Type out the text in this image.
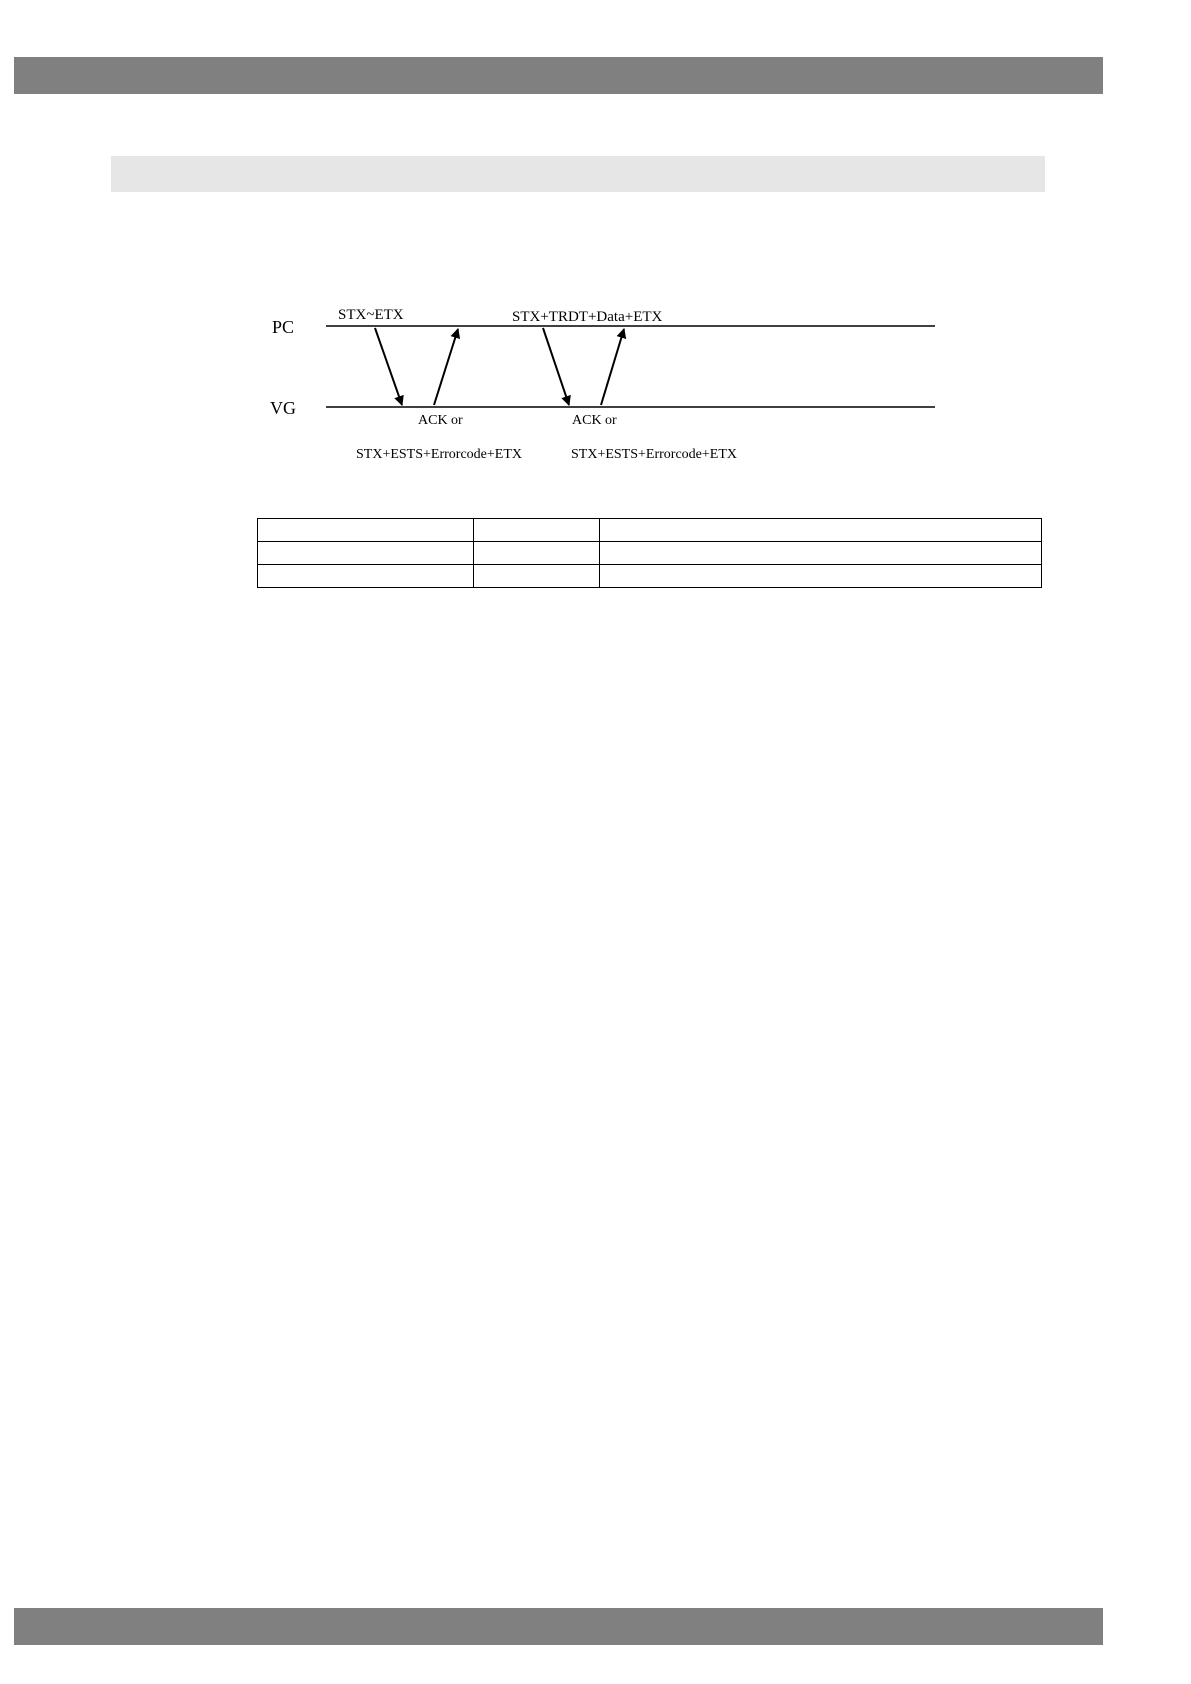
PC
VG
STX~ETX
ACK or
STX+ESTS+Errorcode+ETX
STX+TRDT+Data+ETX
ACK or
STX+ESTS+Errorcode+ETX
